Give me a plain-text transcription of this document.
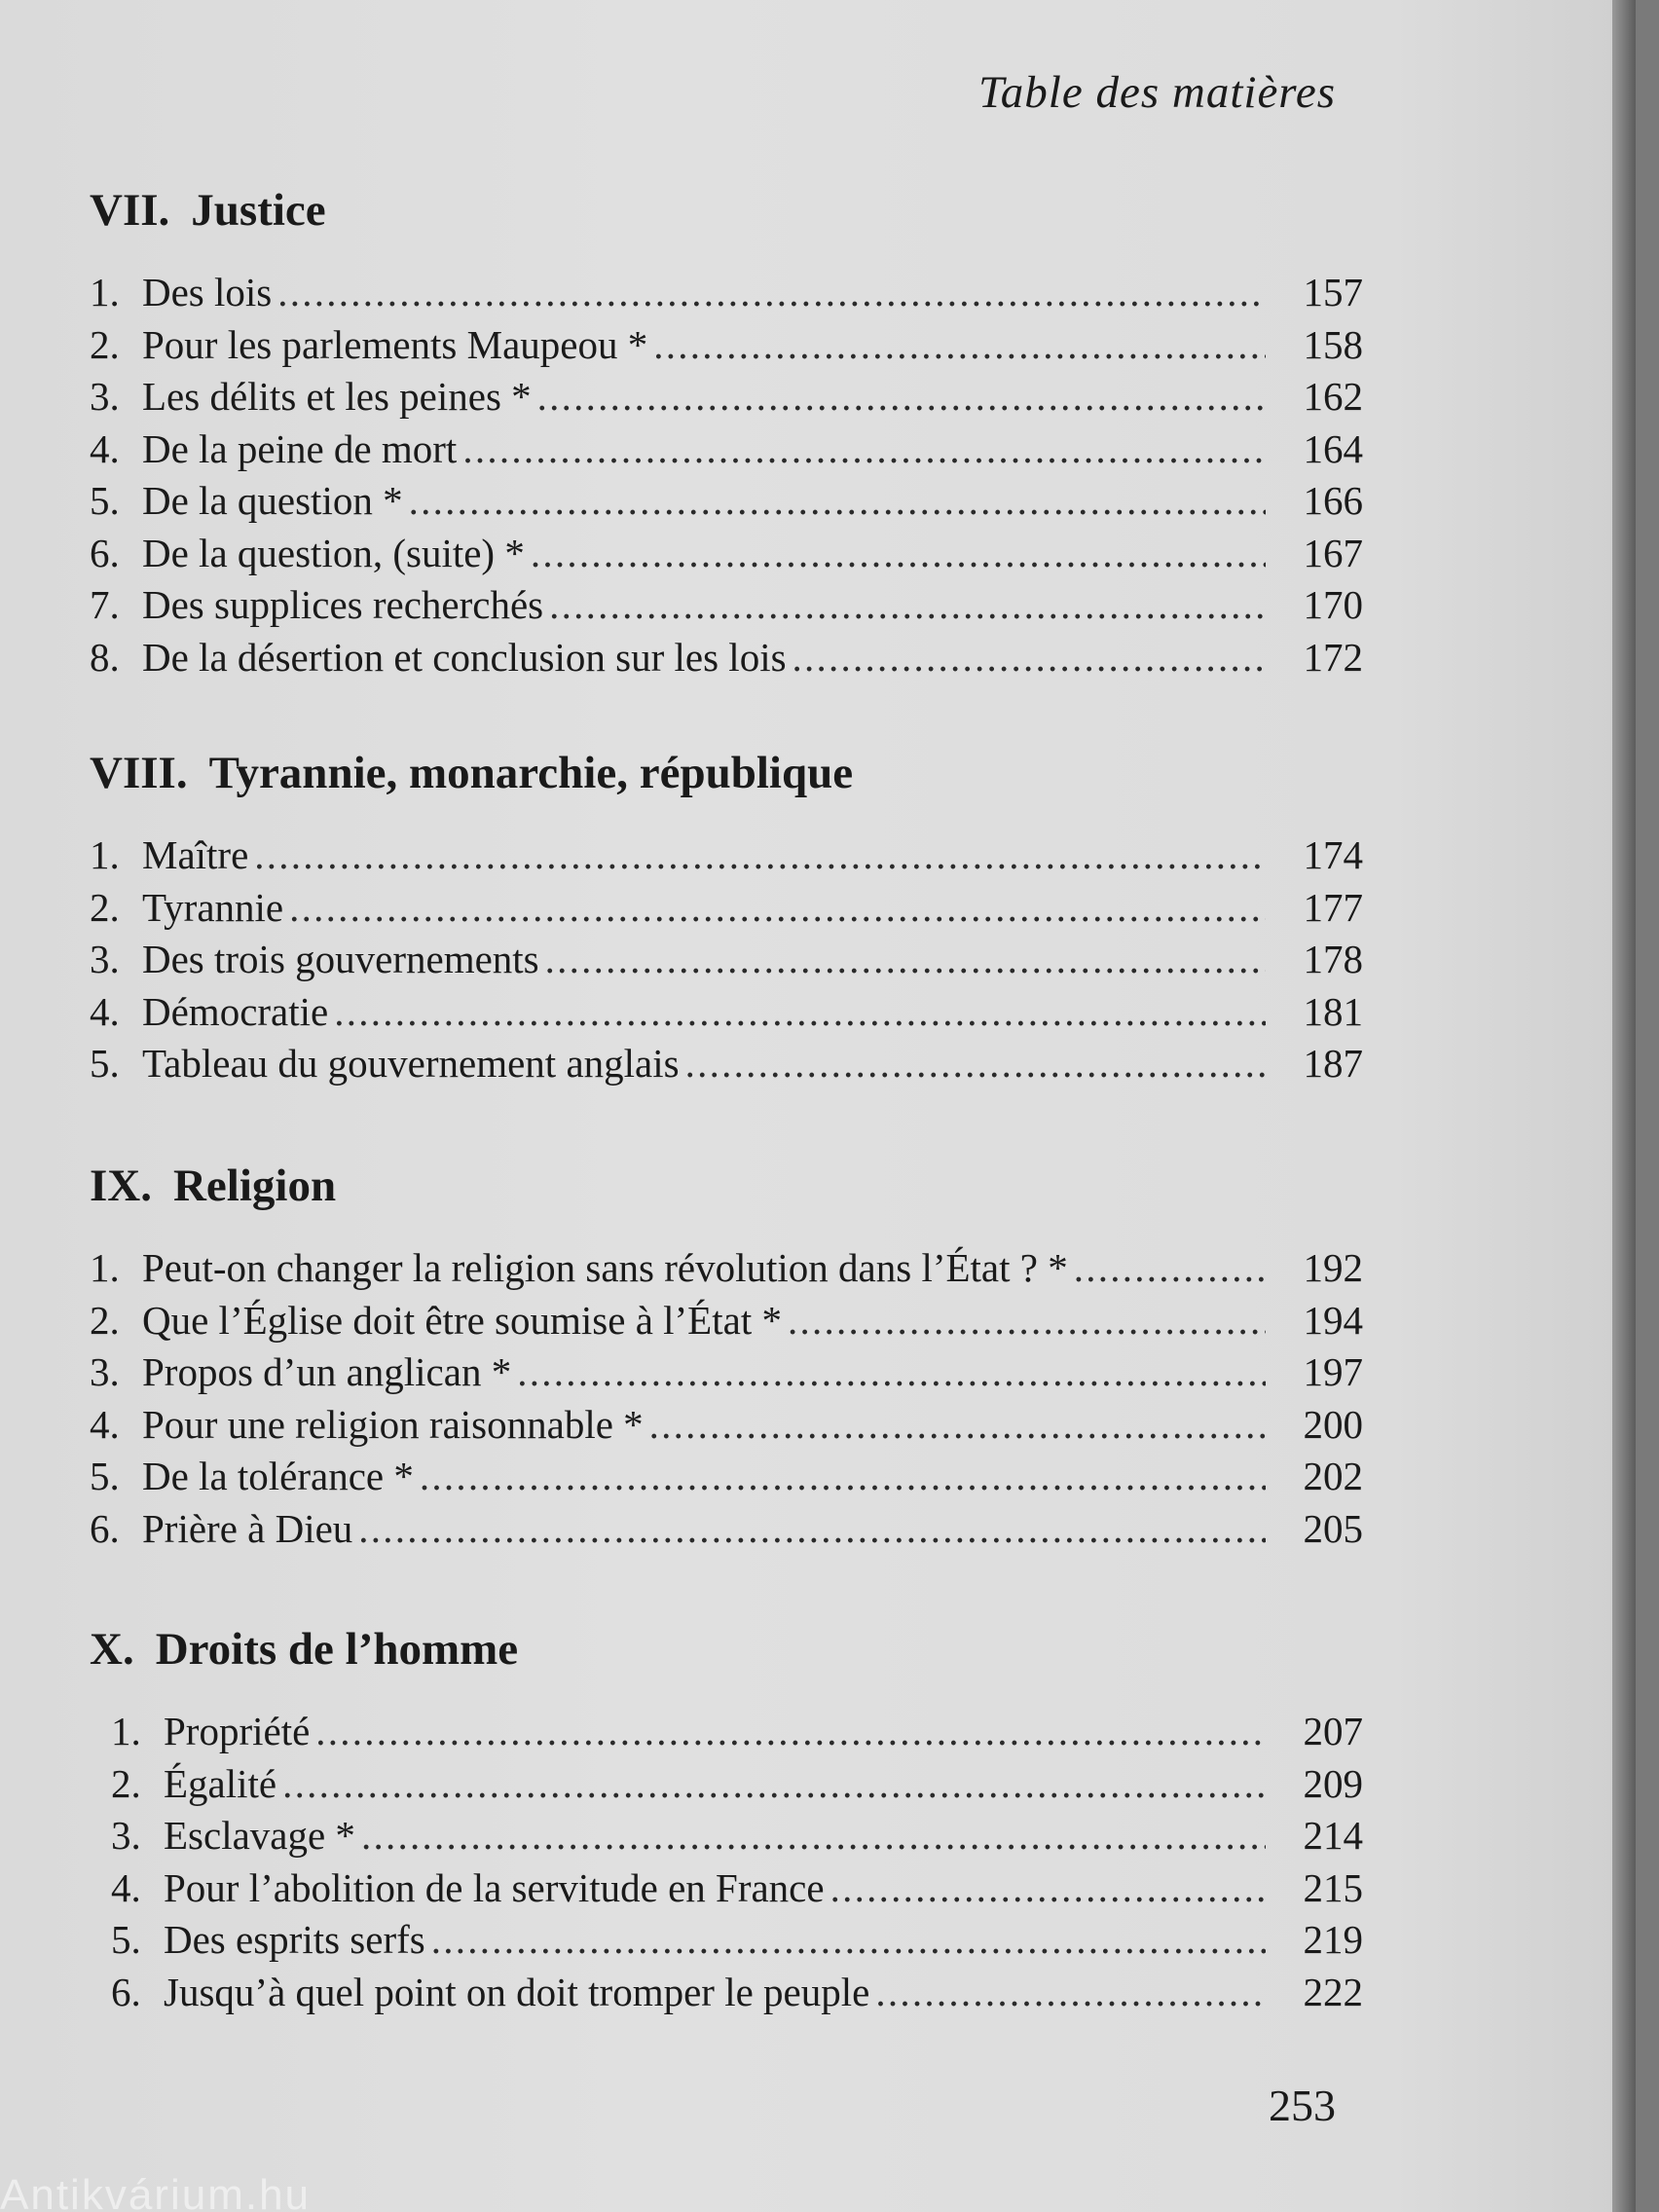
Table des matières
VII. Justice
1. Des lois . . .	157
2. Pour les parlements Maupeou * . . .	158
3. Les délits et les peines * . . .	162
4. De la peine de mort . . .	164
5. De la question * . . .	166
6. De la question, (suite) * . . .	167
7. Des supplices recherchés . . .	170
8. De la désertion et conclusion sur les lois . . .	172
VIII. Tyrannie, monarchie, république
1. Maître . . .	174
2. Tyrannie . . .	177
3. Des trois gouvernements . . .	178
4. Démocratie . . .	181
5. Tableau du gouvernement anglais . . .	187
IX. Religion
1. Peut-on changer la religion sans révolution dans l’État ? * . . .	192
2. Que l’Église doit être soumise à l’État * . . .	194
3. Propos d’un anglican * . . .	197
4. Pour une religion raisonnable * . . .	200
5. De la tolérance * . . .	202
6. Prière à Dieu . . .	205
X. Droits de l’homme
1. Propriété . . .	207
2. Égalité . . .	209
3. Esclavage * . . .	214
4. Pour l’abolition de la servitude en France . . .	215
5. Des esprits serfs . . .	219
6. Jusqu’à quel point on doit tromper le peuple . . .	222
253
Antikvárium.hu
